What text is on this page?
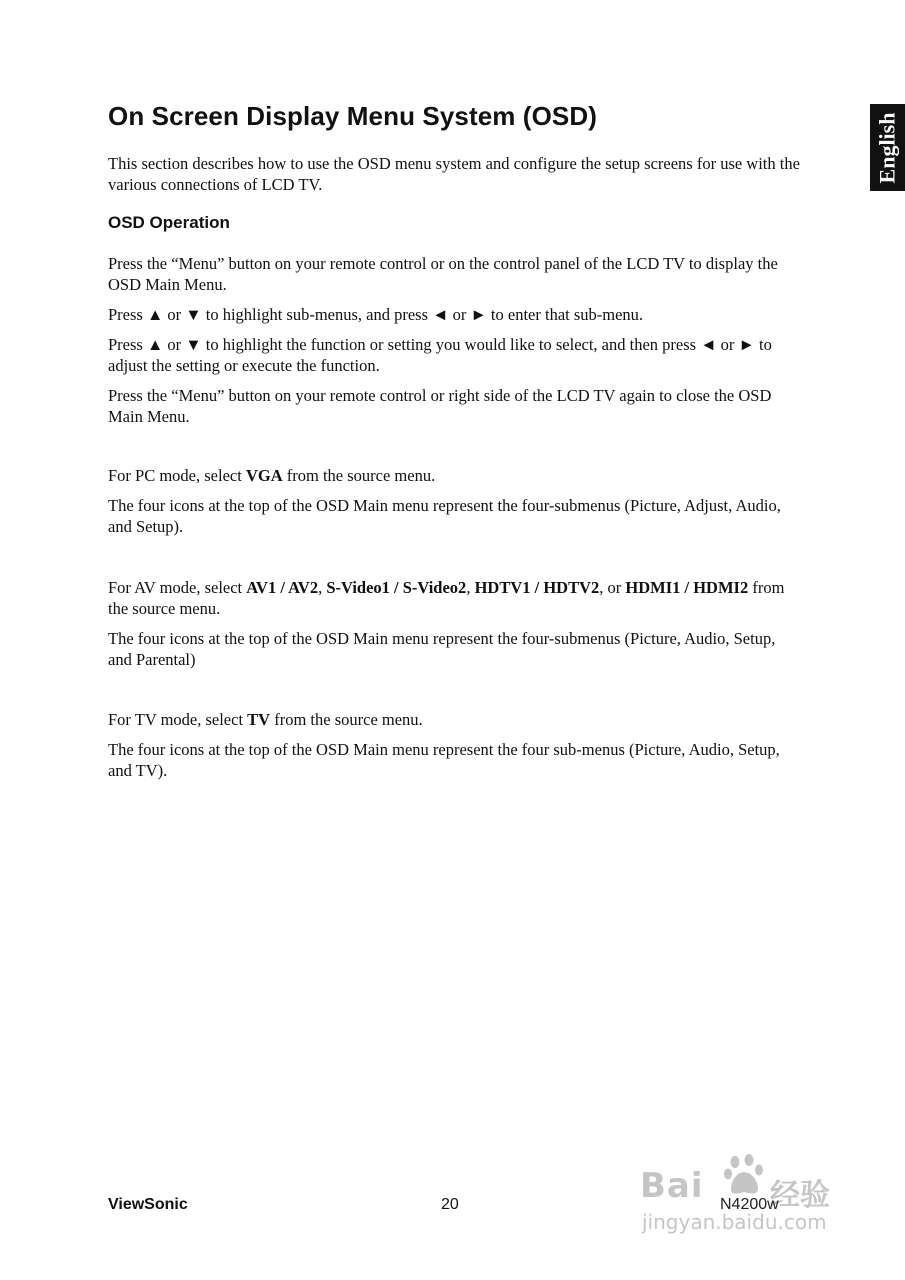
On Screen Display Menu System (OSD)	English

This section describes how to use the OSD menu system and configure the setup screens for use with the various connections of LCD TV.

OSD Operation

Press the “Menu” button on your remote control or on the control panel of the LCD TV to display the OSD Main Menu.

Press ▲ or ▼ to highlight sub-menus, and press ◄ or ► to enter that sub-menu.

Press ▲ or ▼ to highlight the function or setting you would like to select, and then press ◄ or ► to adjust the setting or execute the function.

Press the “Menu” button on your remote control or right side of the LCD TV again to close the OSD Main Menu.

For PC mode, select VGA from the source menu.

The four icons at the top of the OSD Main menu represent the four-submenus (Picture, Adjust, Audio, and Setup).

For AV mode, select AV1 / AV2, S-Video1 / S-Video2, HDTV1 / HDTV2, or HDMI1 / HDMI2 from the source menu.

The four icons at the top of the OSD Main menu represent the four-submenus (Picture, Audio, Setup, and Parental)

For TV mode, select TV from the source menu.

The four icons at the top of the OSD Main menu represent the four sub-menus (Picture, Audio, Setup, and TV).

Bai 经验
jingyan.baidu.com
ViewSonic	20	N4200w
